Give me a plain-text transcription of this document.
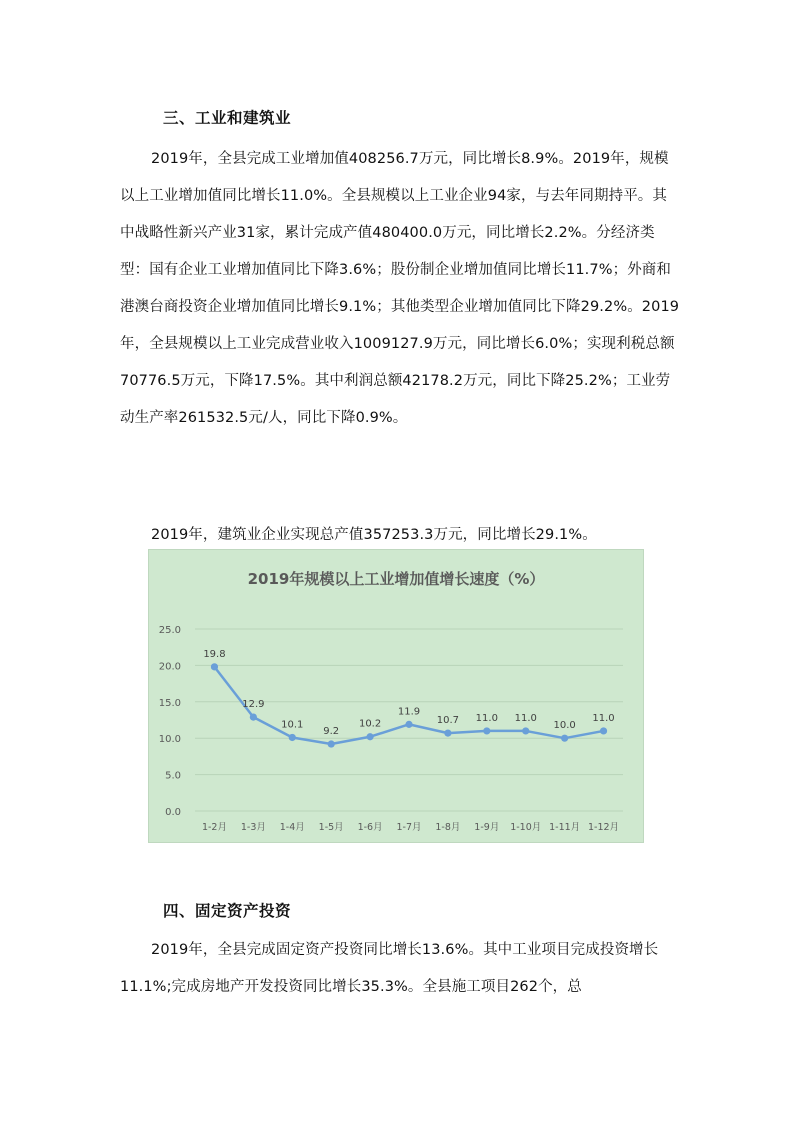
三、工业和建筑业

2019年，全县完成工业增加值408256.7万元，同比增长8.9%。2019年，规模以上工业增加值同比增长11.0%。全县规模以上工业企业94家，与去年同期持平。其中战略性新兴产业31家，累计完成产值480400.0万元，同比增长2.2%。分经济类型：国有企业工业增加值同比下降3.6%；股份制企业增加值同比增长11.7%；外商和港澳台商投资企业增加值同比增长9.1%；其他类型企业增加值同比下降29.2%。2019年，全县规模以上工业完成营业收入1009127.9万元，同比增长6.0%；实现利税总额70776.5万元，下降17.5%。其中利润总额42178.2万元，同比下降25.2%；工业劳动生产率261532.5元/人，同比下降0.9%。

2019年，建筑业企业实现总产值357253.3万元，同比增长29.1%。

2019年规模以上工业增加值增长速度（%）
0.0
5.0
10.0
15.0
20.0
25.0
1-2月 1-3月 1-4月 1-5月 1-6月 1-7月 1-8月 1-9月 1-10月 1-11月 1-12月
19.8
12.9
10.1
9.2
10.2
11.9
10.7 11.0 11.0
10.0
11.0
四、固定资产投资

2019年，全县完成固定资产投资同比增长13.6%。其中工业项目完成投资增长11.1%;完成房地产开发投资同比增长35.3%。全县施工项目262个，总
